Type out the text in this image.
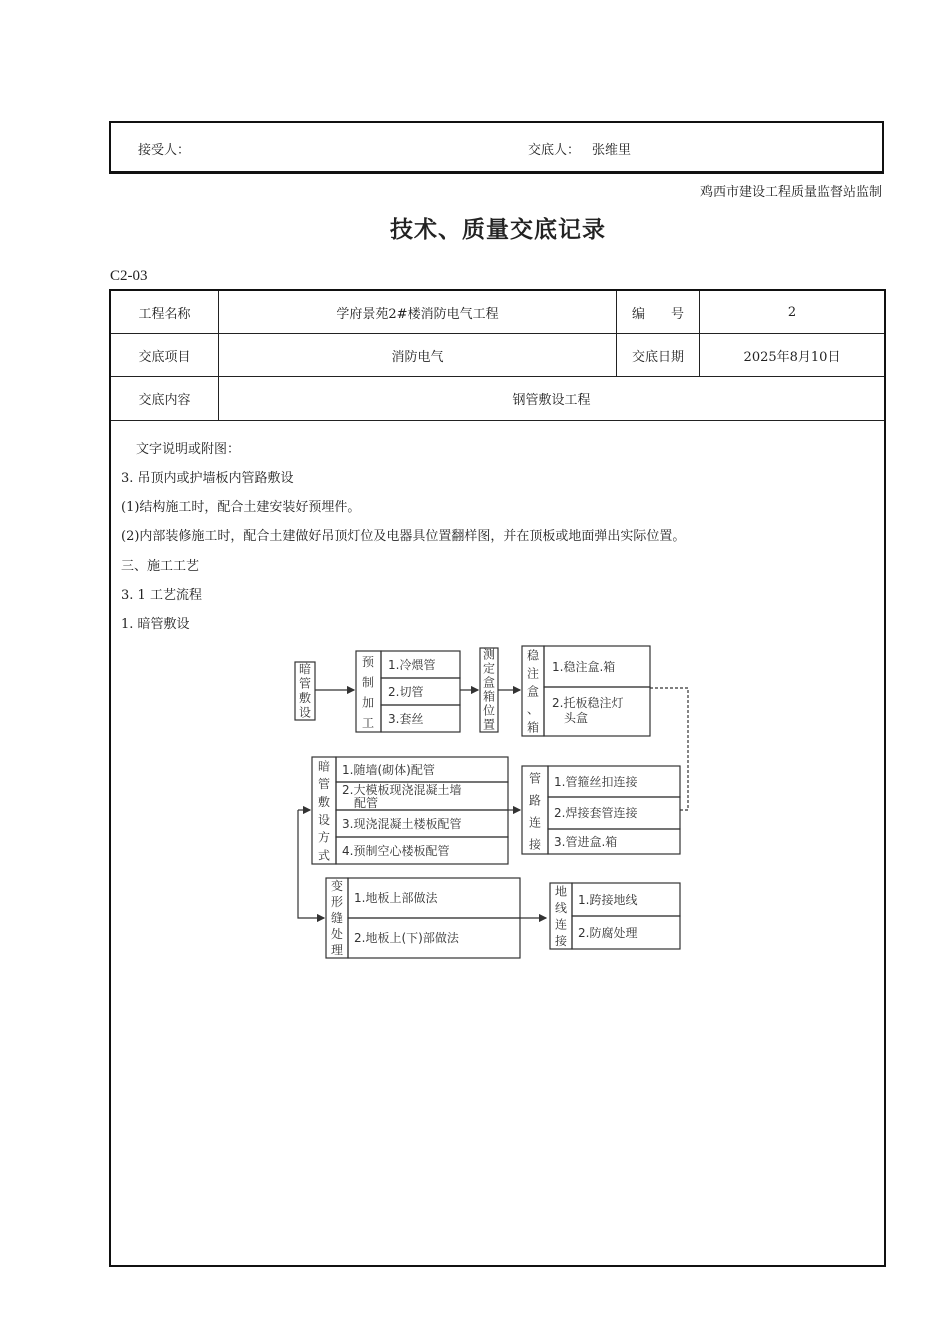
接受人：	交底人： 张维里
鸡西市建设工程质量监督站监制
技术、质量交底记录
C2-03
工程名称	学府景苑2#楼消防电气工程	编　　号	2
交底项目	消防电气	交底日期	2025年8月10日
交底内容	钢管敷设工程
文字说明或附图：
3. 吊顶内或护墙板内管路敷设
(1)结构施工时，配合土建安装好预埋件。
(2)内部装修施工时，配合土建做好吊顶灯位及电器具位置翻样图，并在顶板或地面弹出实际位置。
三、施工工艺
3. 1 工艺流程
1. 暗管敷设
暗
管
敷
设
预
制
加
工
测
定
盒
箱
位
置
稳
注
盒
、
箱
暗
管
敷
设
方
式
管
路
连
接
变
形
缝
处
理
地
线
连
接
1.冷煨管
2.切管
3.套丝
1.稳注盒.箱
2.托板稳注灯
头盒
1.随墙(砌体)配管
2.大模板现浇混凝土墙
配管
3.现浇混凝土楼板配管
4.预制空心楼板配管
1.管箍丝扣连接
2.焊接套管连接
3.管进盒.箱
1.地板上部做法
2.地板上(下)部做法
1.跨接地线
2.防腐处理
